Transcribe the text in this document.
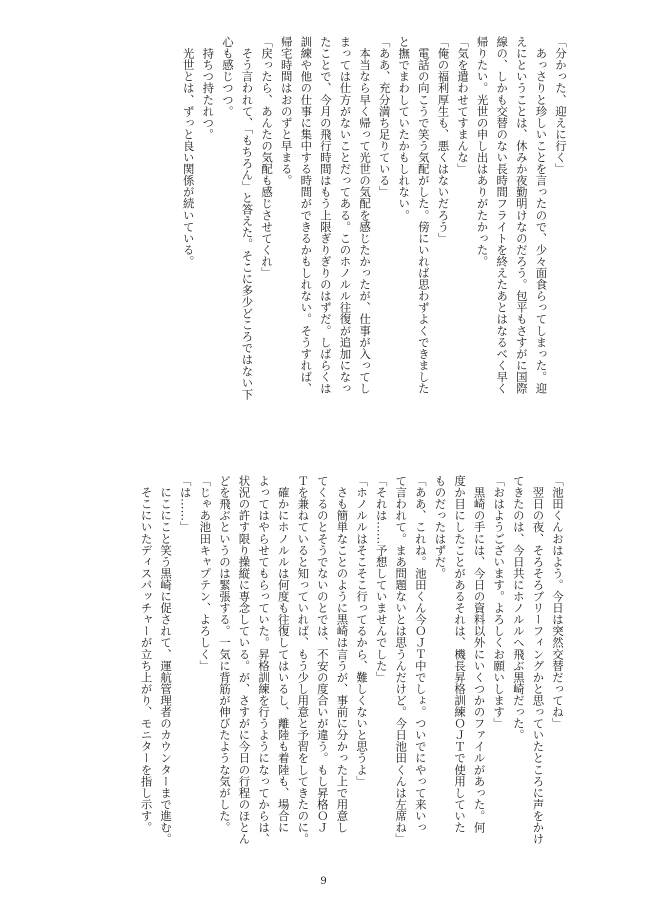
「分かった、迎えに行く」
　あっさりと珍しいことを言ったので、少々面食らってしまった。迎
えにということは、休みか夜勤明けなのだろう。包平もさすがに国際
線の、しかも交替のない長時間フライトを終えたあとはなるべく早く
帰りたい。光世の申し出はありがたかった。
「気を遣わせてすまんな」
「俺の福利厚生も、悪くはないだろう」
　電話の向こうで笑う気配がした。傍にいれば思わずよくできました
と撫でまわしていたかもしれない。
「ああ、充分満ち足りている」
　本当なら早く帰って光世の気配を感じたかったが、仕事が入ってし
まっては仕方がないことだってある。このホノルル往復が追加になっ
たことで、今月の飛行時間はもう上限ぎりぎりのはずだ。しばらくは
訓練や他の仕事に集中する時間ができるかもしれない。そうすれば、
帰宅時間はおのずと早まる。
「戻ったら、あんたの気配も感じさせてくれ」
　そう言われて、「もちろん」と答えた。そこに多少どころではない下
心も感じつつ。
　持ちつ持たれつ。
　光世とは、ずっと良い関係が続いている。
「池田くんおはよう。今日は突然交替だってね」
　翌日の夜、そろそろブリーフィングかと思っていたところに声をかけ
てきたのは、今日共にホノルルへ飛ぶ黒崎だった。
「おはようございます。よろしくお願いします」
　黒崎の手には、今日の資料以外にいくつかのファイルがあった。何
度か目にしたことがあるそれは、機長昇格訓練ＯＪＴで使用していた
ものだったはずだ。
「ああ、これね。池田くん今ＯＪＴ中でしょ。ついでにやって来いっ
て言われて。まあ問題ないとは思うんだけど。今日池田くんは左席ね」
「それは……予想していませんでした」
「ホノルルはそこそこ行ってるから、難しくないと思うよ」
　さも簡単なことのように黒崎は言うが、事前に分かった上で用意し
てくるのとそうでないのとでは、不安の度合いが違う。もし昇格ＯＪ
Ｔを兼ねていると知っていれば、もう少し用意と予習をしてきたのに。
　確かにホノルルは何度も往復してはいるし、離陸も着陸も、場合に
よってはやらせてもらっていた。昇格訓練を行うようになってからは、
状況の許す限り操縦に専念している。が、さすがに今日の行程のほとん
どを飛ぶというのは緊張する。一気に背筋が伸びたような気がした。
「じゃあ池田キャプテン、よろしく」
「は……」
　にこにこと笑う黒崎に促されて、運航管理者のカウンターまで進む。
　そこにいたディスパッチャーが立ち上がり、モニターを指し示す。
9
